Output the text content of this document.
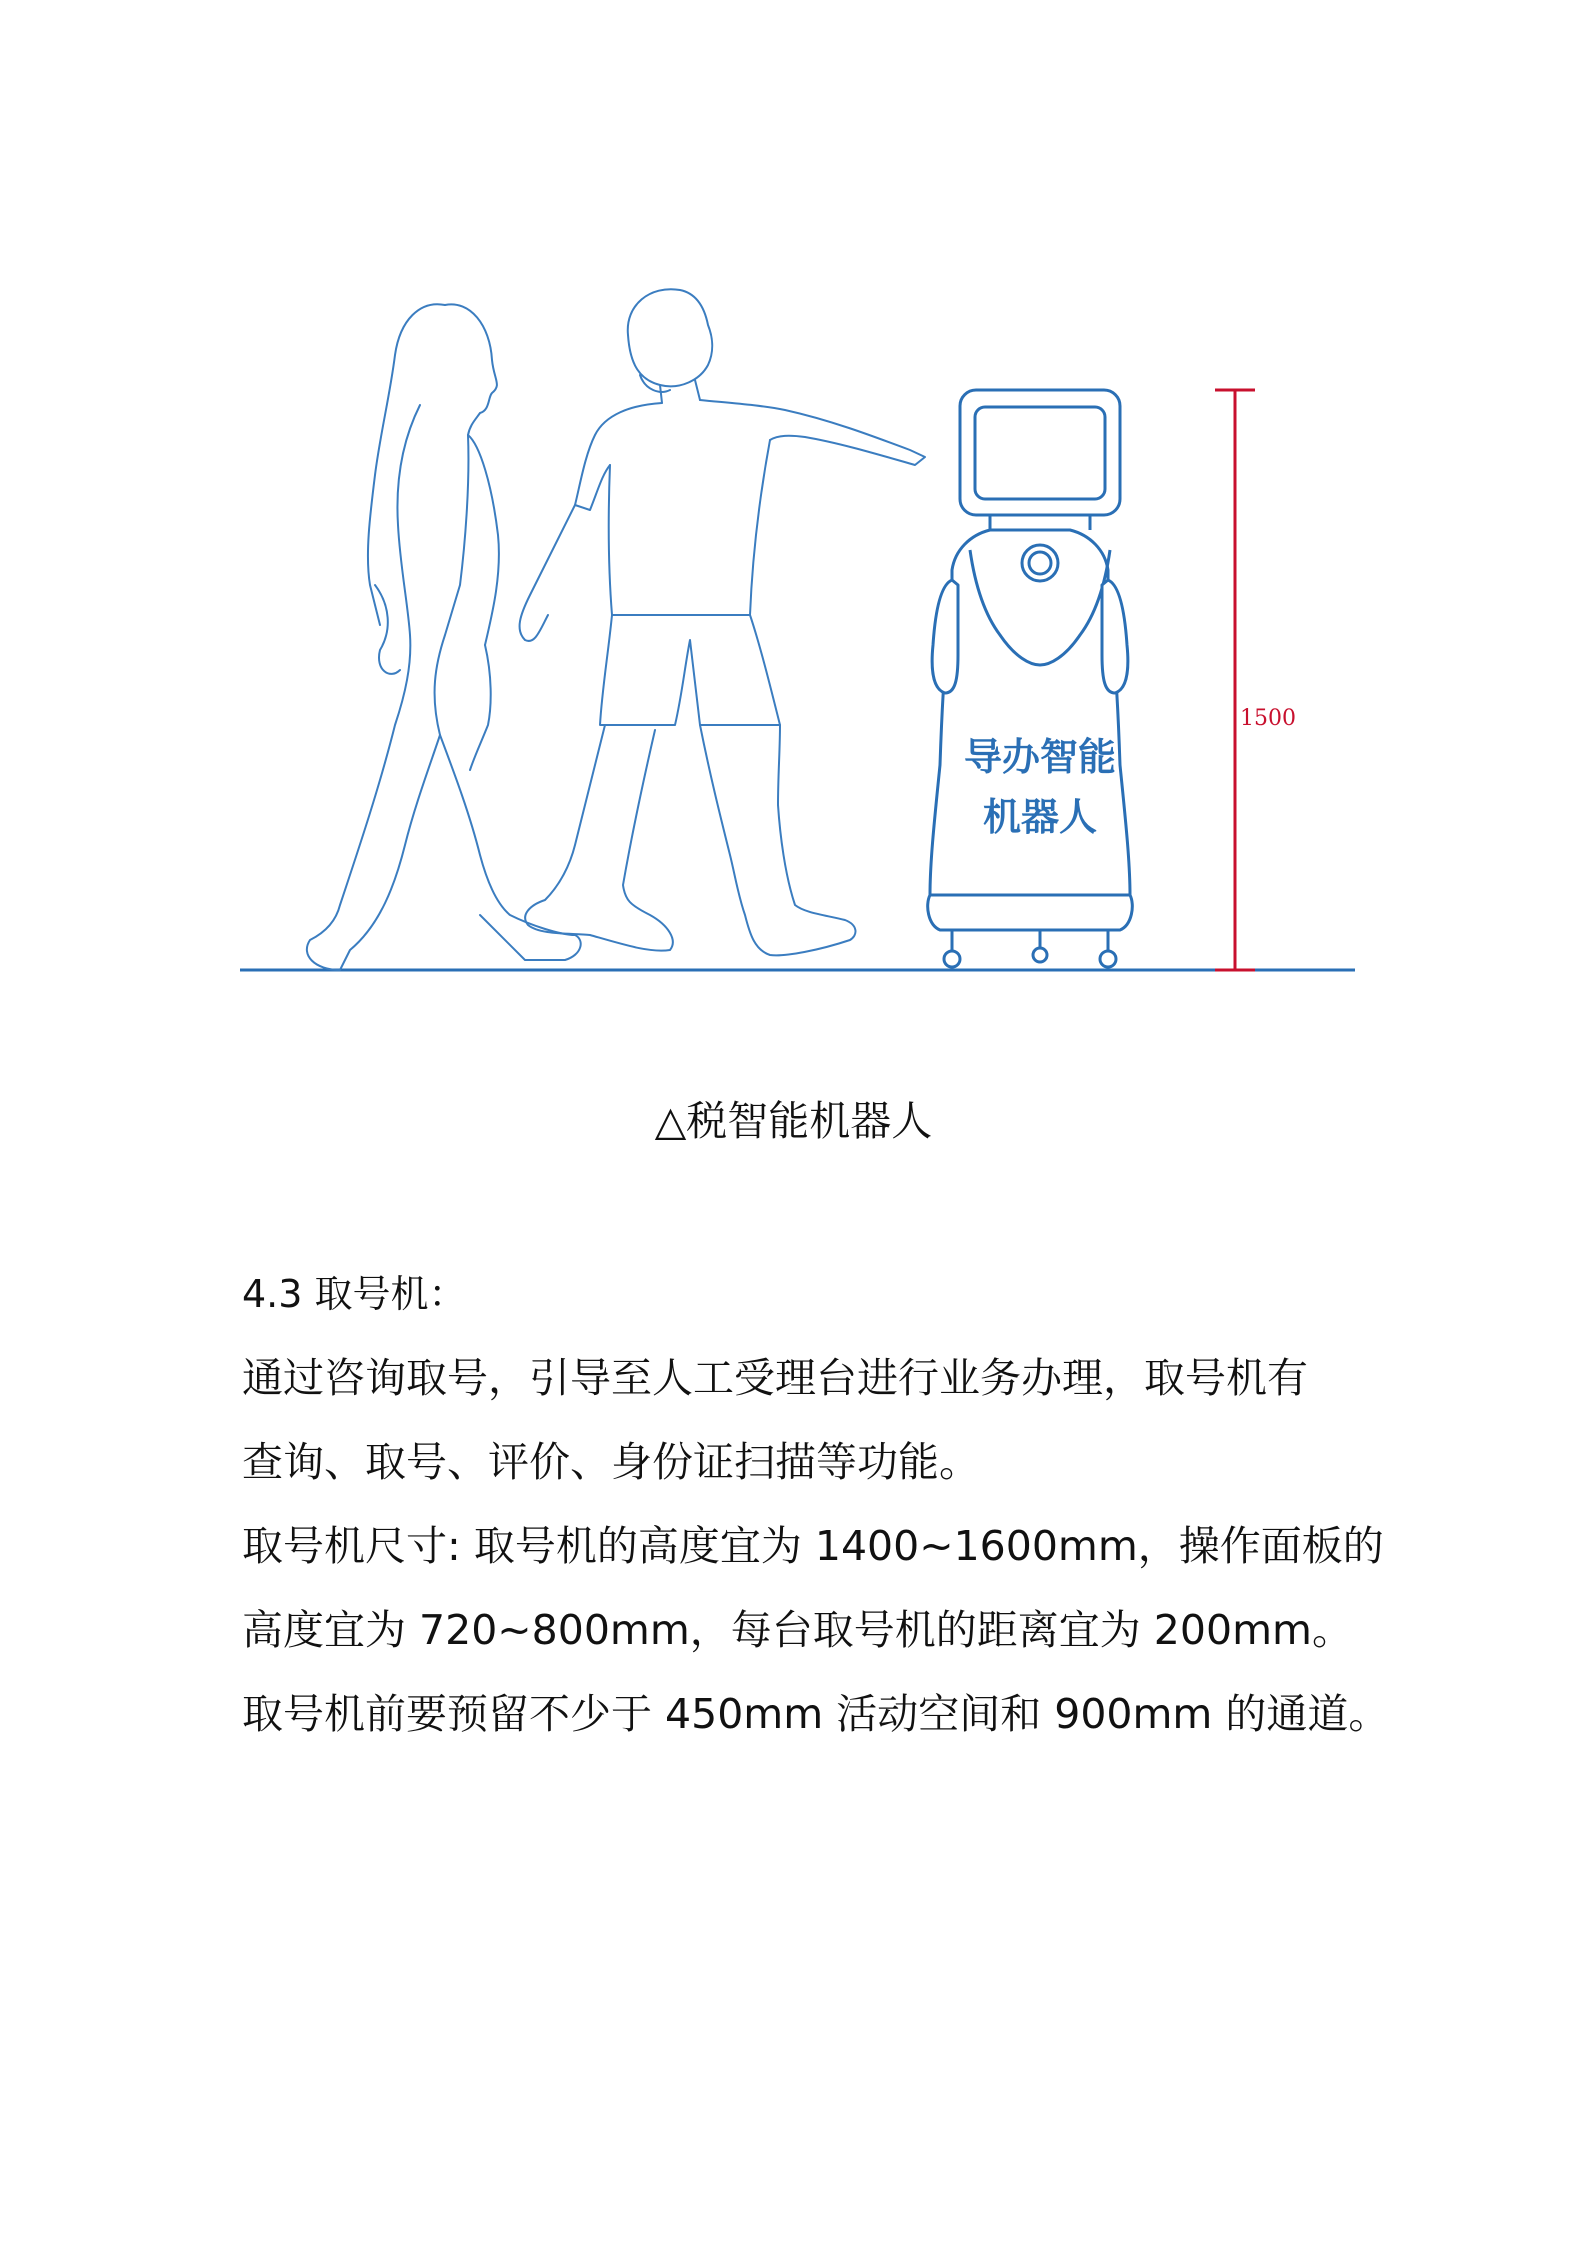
导办智能
机器人
1500
△税智能机器人

4.3 取号机：

通过咨询取号，引导至人工受理台进行业务办理，取号机有

查询、取号、评价、身份证扫描等功能。

取号机尺寸: 取号机的高度宜为 1400~1600mm，操作面板的

高度宜为 720~800mm，每台取号机的距离宜为 200mm。

取号机前要预留不少于 450mm 活动空间和 900mm 的通道。
